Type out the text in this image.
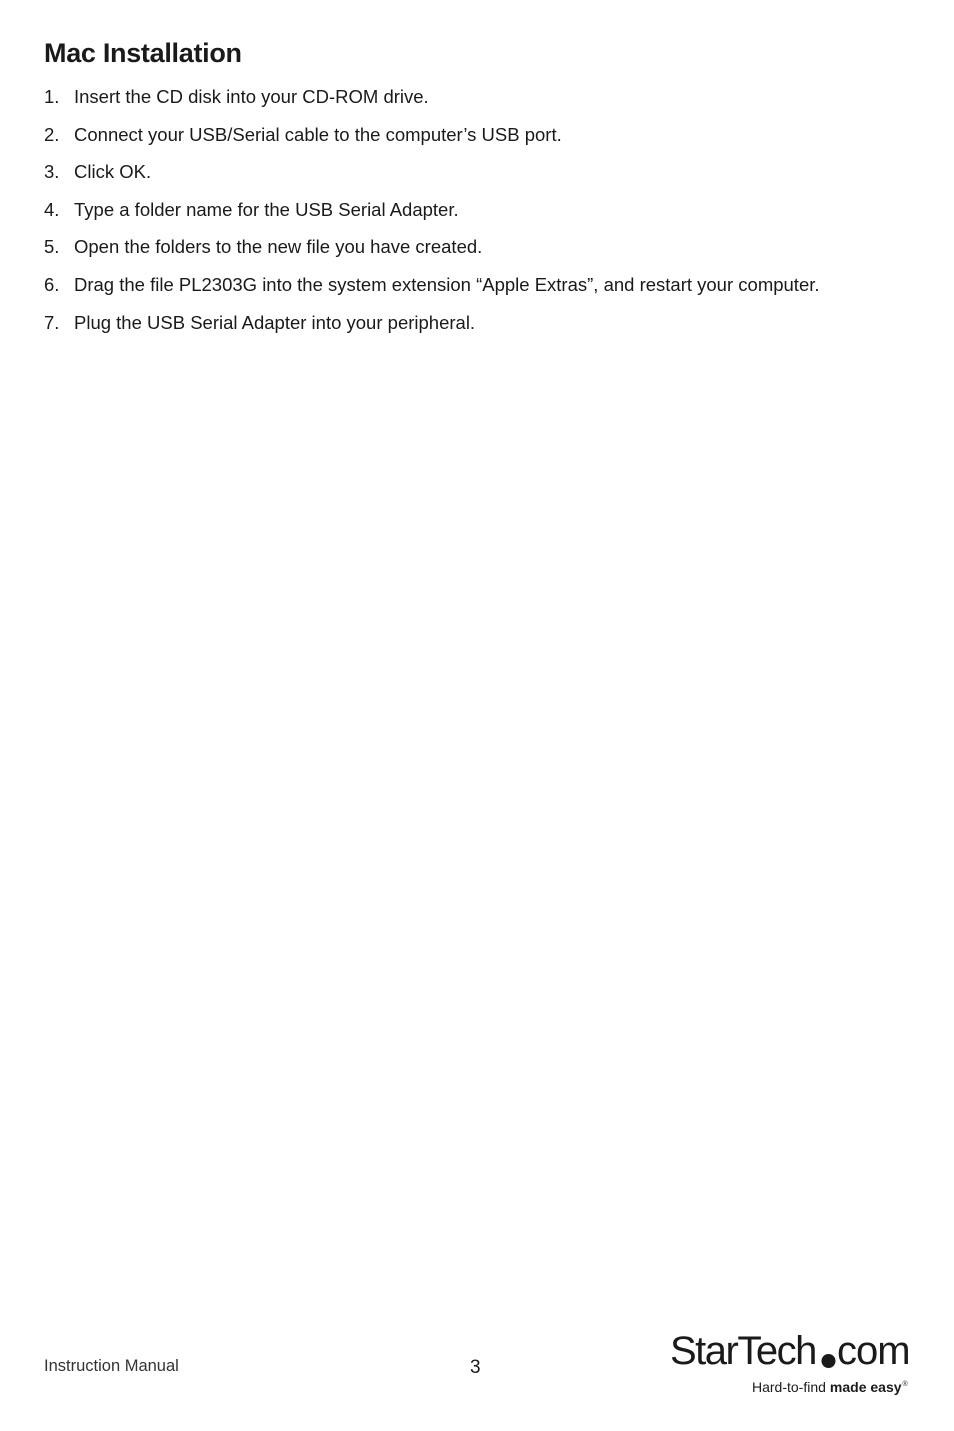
Mac Installation
1. Insert the CD disk into your CD-ROM drive.
2. Connect your USB/Serial cable to the computer’s USB port.
3. Click OK.
4. Type a folder name for the USB Serial Adapter.
5. Open the folders to the new file you have created.
6. Drag the file PL2303G into the system extension “Apple Extras”, and restart your computer.
7. Plug the USB Serial Adapter into your peripheral.
Instruction Manual	3	StarTech com
Hard-to-find made easy®
